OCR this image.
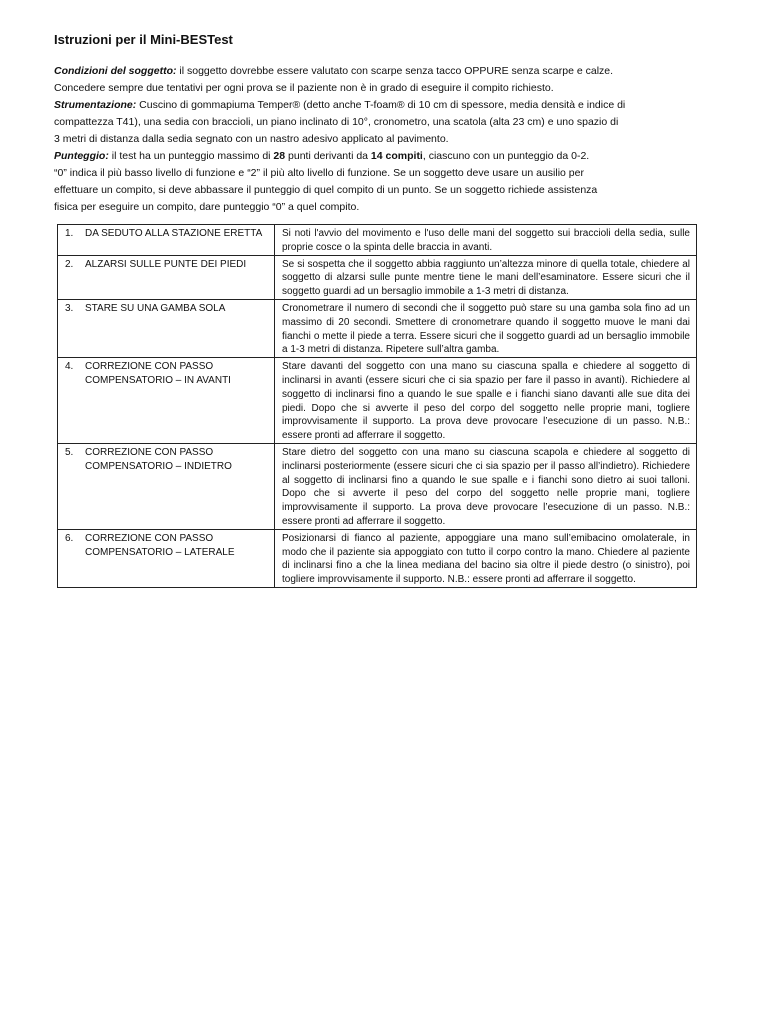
Istruzioni per il Mini-BESTest
Condizioni del soggetto: il soggetto dovrebbe essere valutato con scarpe senza tacco OPPURE senza scarpe e calze.
Concedere sempre due tentativi per ogni prova se il paziente non è in grado di eseguire il compito richiesto.
Strumentazione: Cuscino di gommapiuma Temper® (detto anche T-foam® di 10 cm di spessore, media densità e indice di
compattezza T41), una sedia con braccioli, un piano inclinato di 10°, cronometro, una scatola (alta 23 cm) e uno spazio di
3 metri di distanza dalla sedia segnato con un nastro adesivo applicato al pavimento.
Punteggio: il test ha un punteggio massimo di 28 punti derivanti da 14 compiti, ciascuno con un punteggio da 0-2.
“0” indica il più basso livello di funzione e “2” il più alto livello di funzione. Se un soggetto deve usare un ausilio per
effettuare un compito, si deve abbassare il punteggio di quel compito di un punto. Se un soggetto richiede assistenza
fisica per eseguire un compito, dare punteggio “0” a quel compito.
1. DA SEDUTO ALLA STAZIONE ERETTA	Si noti l'avvio del movimento e l'uso delle mani del soggetto sui braccioli della sedia, sulle proprie cosce o la spinta delle braccia in avanti.

2. ALZARSI SULLE PUNTE DEI PIEDI	Se si sospetta che il soggetto abbia raggiunto un’altezza minore di quella totale, chiedere al soggetto di alzarsi sulle punte mentre tiene le mani dell’esaminatore. Essere sicuri che il soggetto guardi ad un bersaglio immobile a 1-3 metri di distanza.

3. STARE SU UNA GAMBA SOLA	Cronometrare il numero di secondi che il soggetto può stare su una gamba sola fino ad un massimo di 20 secondi. Smettere di cronometrare quando il soggetto muove le mani dai fianchi o mette il piede a terra. Essere sicuri che il soggetto guardi ad un bersaglio immobile a 1-3 metri di distanza. Ripetere sull’altra gamba.

4. CORREZIONE CON PASSO COMPENSATORIO – IN AVANTI	Stare davanti del soggetto con una mano su ciascuna spalla e chiedere al soggetto di inclinarsi in avanti (essere sicuri che ci sia spazio per fare il passo in avanti). Richiedere al soggetto di inclinarsi fino a quando le sue spalle e i fianchi siano davanti alle sue dita dei piedi. Dopo che si avverte il peso del corpo del soggetto nelle proprie mani, togliere improvvisamente il supporto. La prova deve provocare l’esecuzione di un passo. N.B.: essere pronti ad afferrare il soggetto.

5. CORREZIONE CON PASSO COMPENSATORIO – INDIETRO	Stare dietro del soggetto con una mano su ciascuna scapola e chiedere al soggetto di inclinarsi posteriormente (essere sicuri che ci sia spazio per il passo all’indietro). Richiedere al soggetto di inclinarsi fino a quando le sue spalle e i fianchi sono dietro ai suoi talloni. Dopo che si avverte il peso del corpo del soggetto nelle proprie mani, togliere improvvisamente il supporto. La prova deve provocare l’esecuzione di un passo. N.B.: essere pronti ad afferrare il soggetto.

6. CORREZIONE CON PASSO COMPENSATORIO – LATERALE	Posizionarsi di fianco al paziente, appoggiare una mano sull’emibacino omolaterale, in modo che il paziente sia appoggiato con tutto il corpo contro la mano. Chiedere al paziente di inclinarsi fino a che la linea mediana del bacino sia oltre il piede destro (o sinistro), poi togliere improvvisamente il supporto. N.B.: essere pronti ad afferrare il soggetto.
